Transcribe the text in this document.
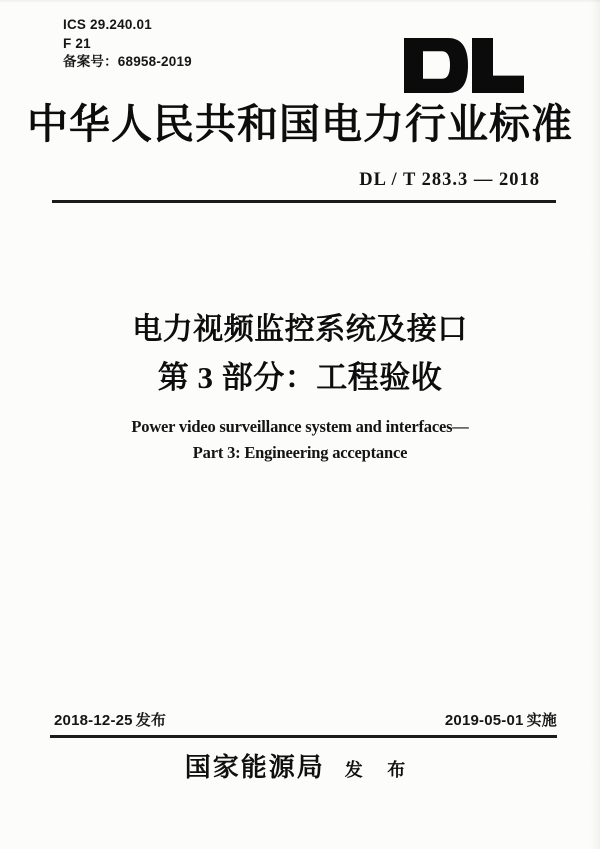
ICS 29.240.01
F 21
备案号：68958-2019
中华人民共和国电力行业标准
DL / T 283.3 — 2018
电力视频监控系统及接口
第 3 部分：工程验收
Power video surveillance system and interfaces—
Part 3: Engineering acceptance
2018-12-25 发布	2019-05-01 实施
国家能源局 发 布
